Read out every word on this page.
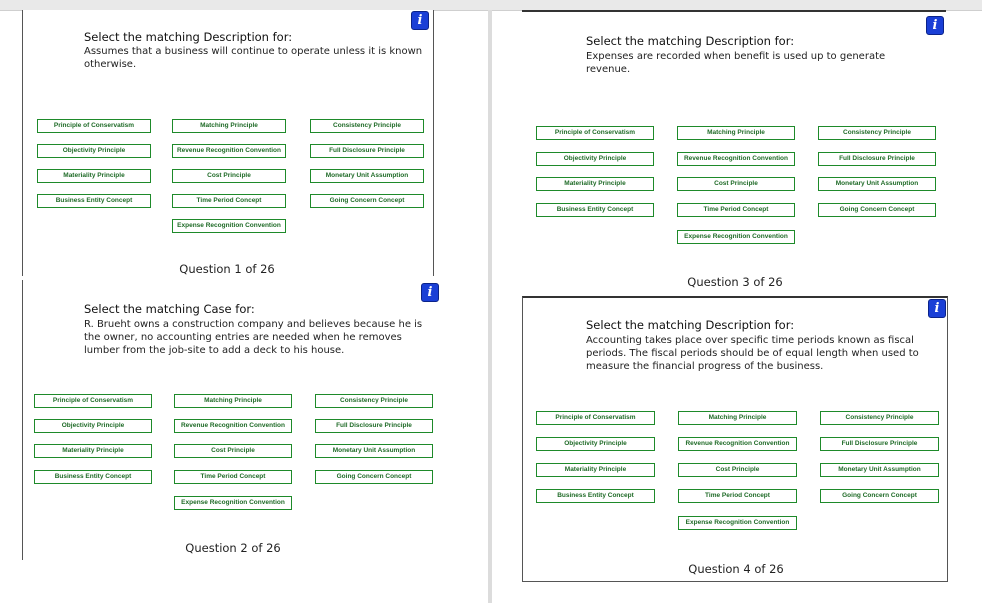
i
Select the matching Description for:
Assumes that a business will continue to operate unless it is known
otherwise.
Principle of Conservatism	Matching Principle	Consistency Principle
Objectivity Principle	Revenue Recognition Convention	Full Disclosure Principle
Materiality Principle	Cost Principle	Monetary Unit Assumption
Business Entity Concept	Time Period Concept	Going Concern Concept
Expense Recognition Convention
Question 1 of 26
i
Select the matching Case for:
R. Brueht owns a construction company and believes because he is
the owner, no accounting entries are needed when he removes
lumber from the job-site to add a deck to his house.
Principle of Conservatism	Matching Principle	Consistency Principle
Objectivity Principle	Revenue Recognition Convention	Full Disclosure Principle
Materiality Principle	Cost Principle	Monetary Unit Assumption
Business Entity Concept	Time Period Concept	Going Concern Concept
Expense Recognition Convention
Question 2 of 26
i
Select the matching Description for:
Expenses are recorded when benefit is used up to generate
revenue.
Principle of Conservatism	Matching Principle	Consistency Principle
Objectivity Principle	Revenue Recognition Convention	Full Disclosure Principle
Materiality Principle	Cost Principle	Monetary Unit Assumption
Business Entity Concept	Time Period Concept	Going Concern Concept
Expense Recognition Convention
Question 3 of 26
i
Select the matching Description for:
Accounting takes place over specific time periods known as fiscal
periods. The fiscal periods should be of equal length when used to
measure the financial progress of the business.
Principle of Conservatism	Matching Principle	Consistency Principle
Objectivity Principle	Revenue Recognition Convention	Full Disclosure Principle
Materiality Principle	Cost Principle	Monetary Unit Assumption
Business Entity Concept	Time Period Concept	Going Concern Concept
Expense Recognition Convention
Question 4 of 26
